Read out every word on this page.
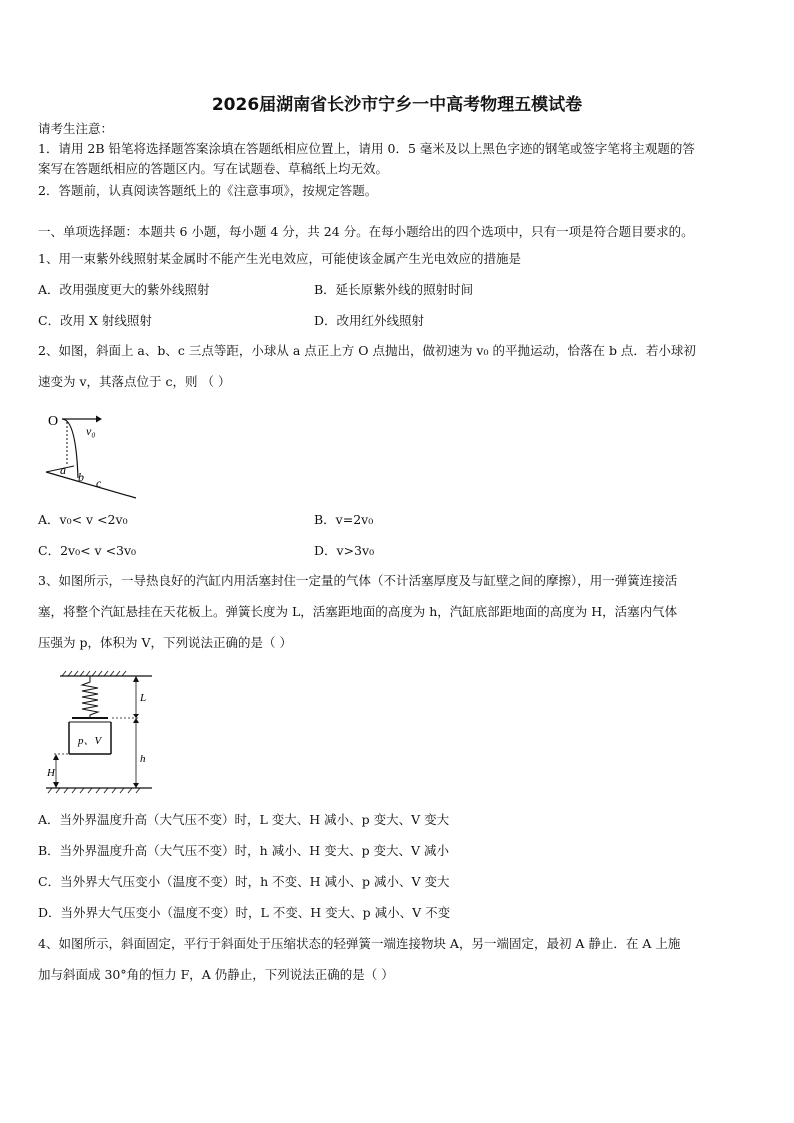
2026届湖南省长沙市宁乡一中高考物理五模试卷
请考生注意：
1．请用 2B 铅笔将选择题答案涂填在答题纸相应位置上，请用 0．5 毫米及以上黑色字迹的钢笔或签字笔将主观题的答
案写在答题纸相应的答题区内。写在试题卷、草稿纸上均无效。
2．答题前，认真阅读答题纸上的《注意事项》，按规定答题。
一、单项选择题：本题共 6 小题，每小题 4 分，共 24 分。在每小题给出的四个选项中，只有一项是符合题目要求的。
1、用一束紫外线照射某金属时不能产生光电效应，可能使该金属产生光电效应的措施是
A．改用强度更大的紫外线照射	B．延长原紫外线的照射时间
C．改用 X 射线照射	D．改用红外线照射
2、如图，斜面上 a、b、c 三点等距，小球从 a 点正上方 O 点抛出，做初速为 v₀ 的平抛运动，恰落在 b 点．若小球初
速变为 v，其落点位于 c，则 （ ）
O
v₀
a b c
A．v₀< v <2v₀	B．v=2v₀
C．2v₀< v <3v₀	D．v>3v₀
3、如图所示，一导热良好的汽缸内用活塞封住一定量的气体（不计活塞厚度及与缸壁之间的摩擦），用一弹簧连接活
塞，将整个汽缸悬挂在天花板上。弹簧长度为 L，活塞距地面的高度为 h，汽缸底部距地面的高度为 H，活塞内气体
压强为 p，体积为 V，下列说法正确的是（ ）
p、V
L
h
H
A．当外界温度升高（大气压不变）时，L 变大、H 减小、p 变大、V 变大
B．当外界温度升高（大气压不变）时，h 减小、H 变大、p 变大、V 减小
C．当外界大气压变小（温度不变）时，h 不变、H 减小、p 减小、V 变大
D．当外界大气压变小（温度不变）时，L 不变、H 变大、p 减小、V 不变
4、如图所示，斜面固定，平行于斜面处于压缩状态的轻弹簧一端连接物块 A，另一端固定，最初 A 静止．在 A 上施
加与斜面成 30°角的恒力 F，A 仍静止，下列说法正确的是（ ）
